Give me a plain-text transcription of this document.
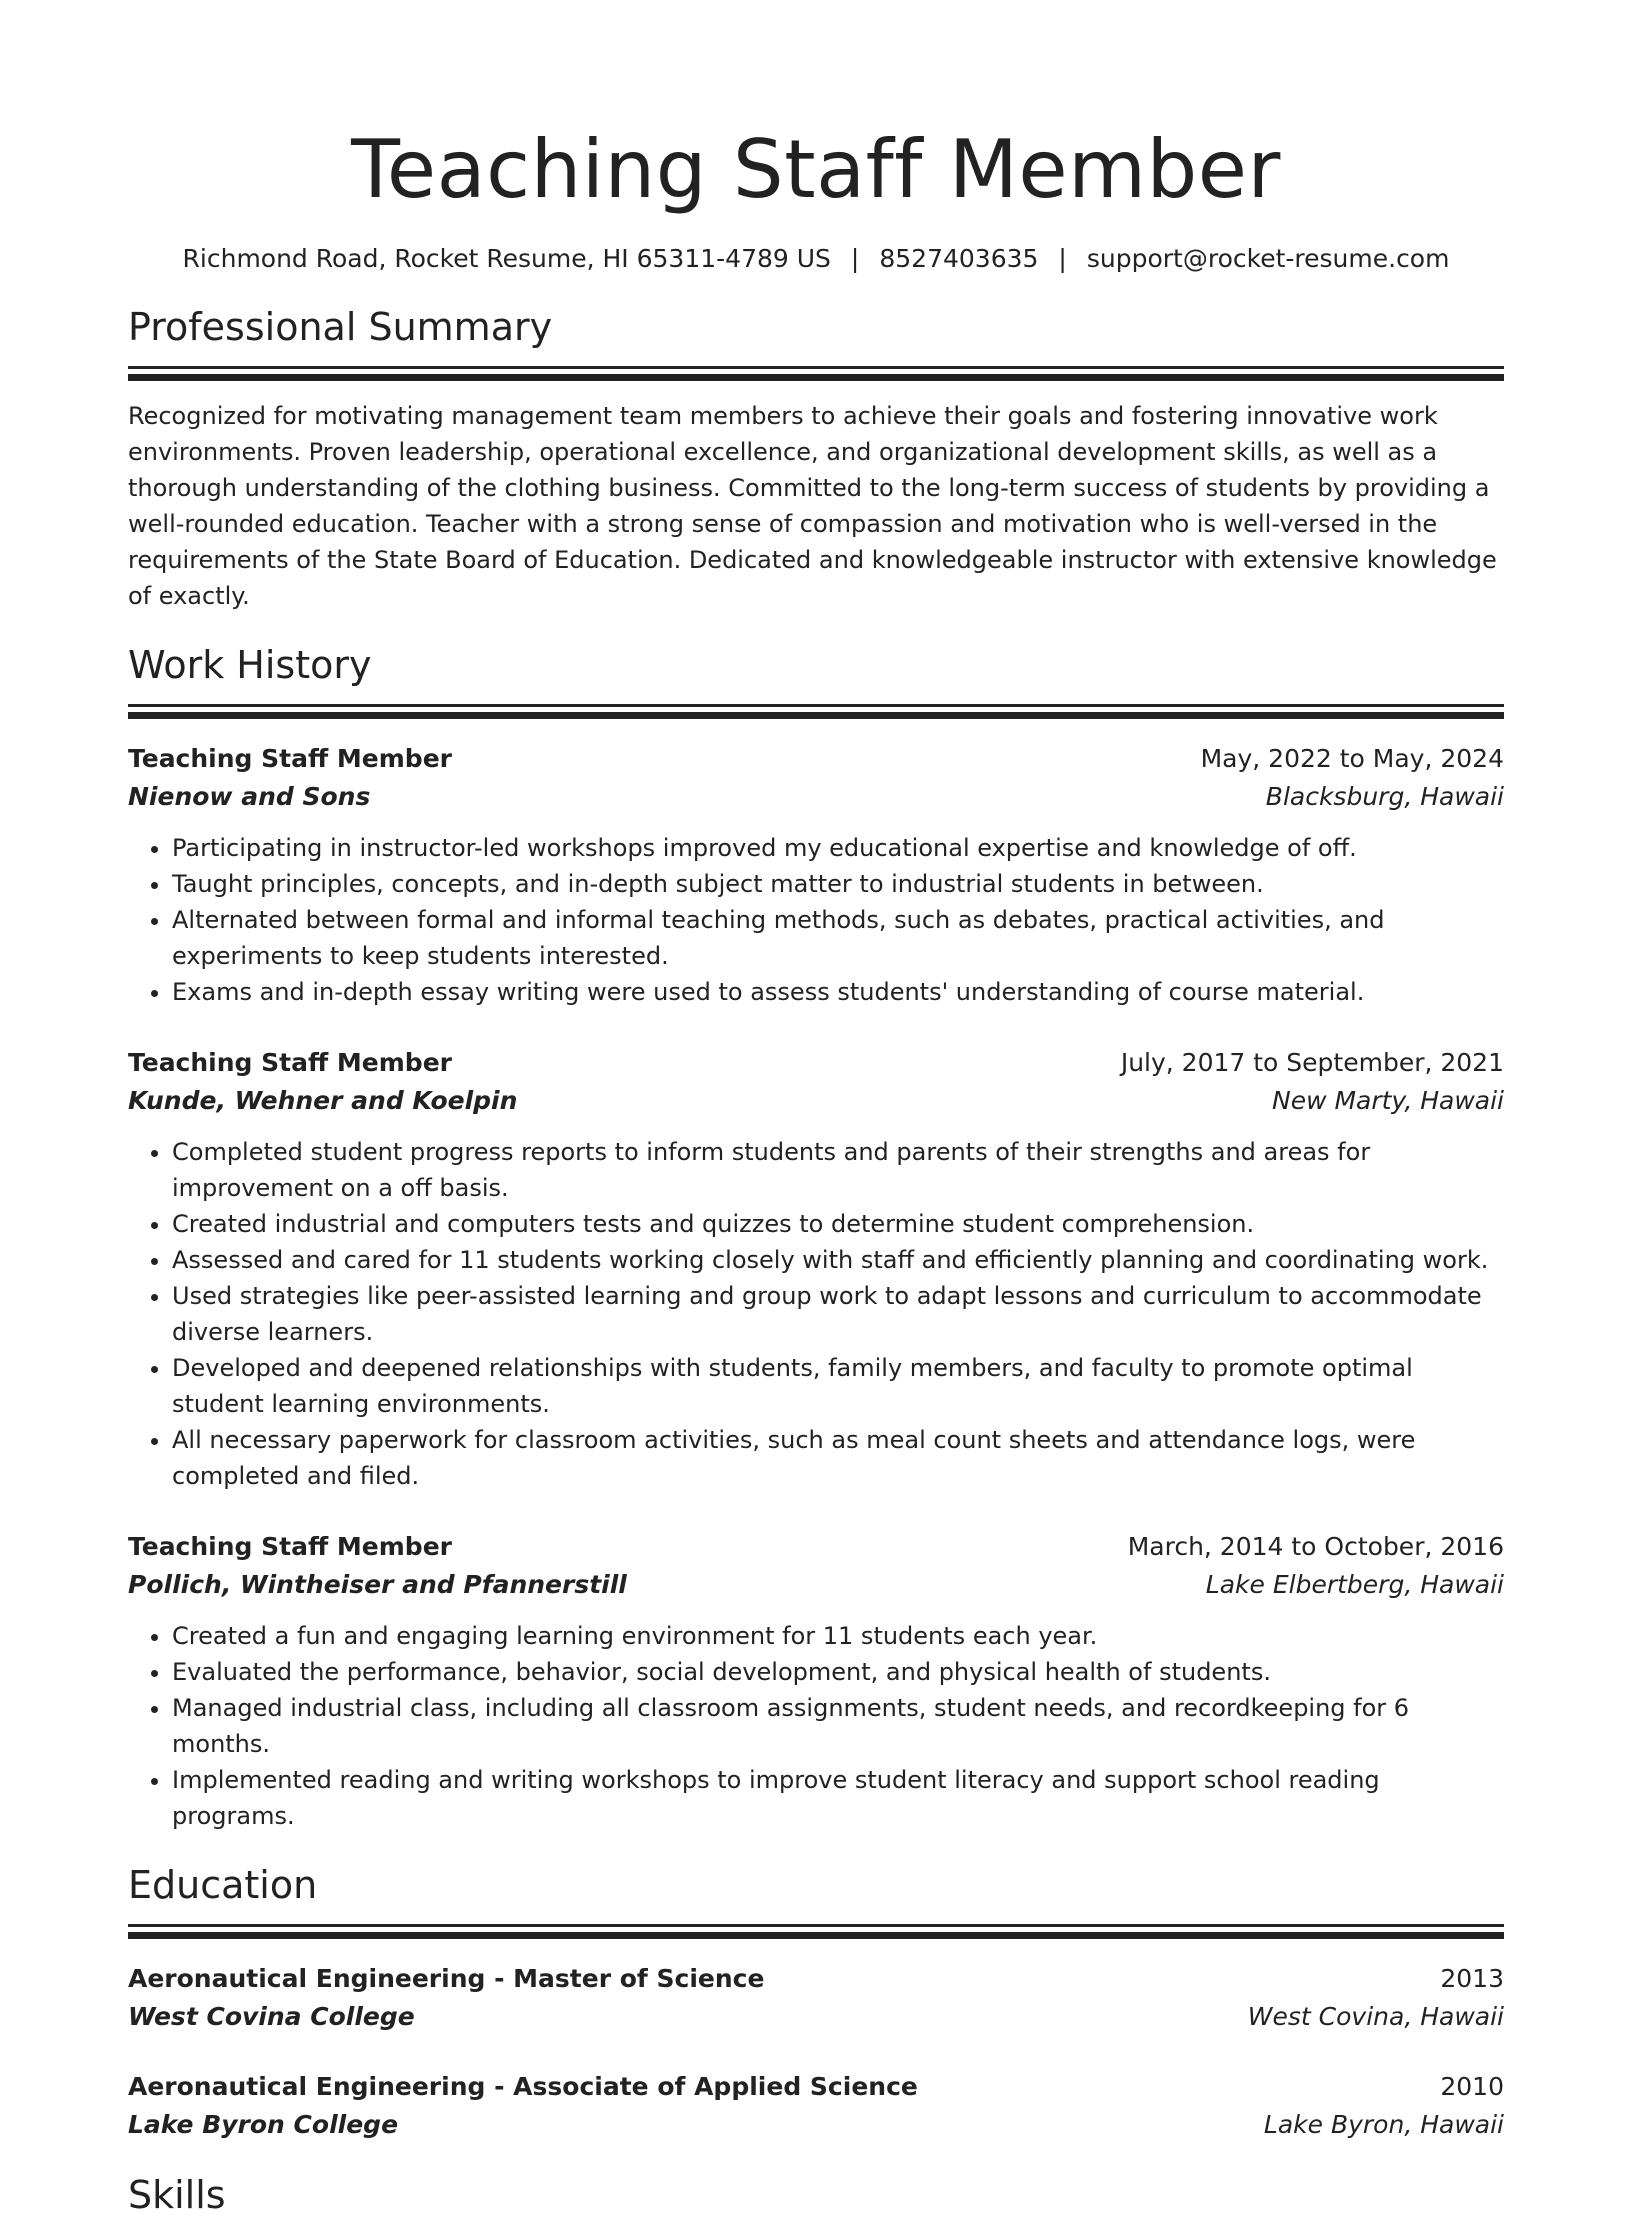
Teaching Staff Member
Richmond Road, Rocket Resume, HI 65311-4789 US | 8527403635 | support@rocket-resume.com
Professional Summary
Recognized for motivating management team members to achieve their goals and fostering innovative work environments. Proven leadership, operational excellence, and organizational development skills, as well as a thorough understanding of the clothing business. Committed to the long-term success of students by providing a well-rounded education. Teacher with a strong sense of compassion and motivation who is well-versed in the requirements of the State Board of Education. Dedicated and knowledgeable instructor with extensive knowledge of exactly.
Work History
Teaching Staff Member	May, 2022 to May, 2024
Nienow and Sons	Blacksburg, Hawaii
• Participating in instructor-led workshops improved my educational expertise and knowledge of off.
• Taught principles, concepts, and in-depth subject matter to industrial students in between.
• Alternated between formal and informal teaching methods, such as debates, practical activities, and experiments to keep students interested.
• Exams and in-depth essay writing were used to assess students' understanding of course material.
Teaching Staff Member	July, 2017 to September, 2021
Kunde, Wehner and Koelpin	New Marty, Hawaii
• Completed student progress reports to inform students and parents of their strengths and areas for improvement on a off basis.
• Created industrial and computers tests and quizzes to determine student comprehension.
• Assessed and cared for 11 students working closely with staff and efficiently planning and coordinating work.
• Used strategies like peer-assisted learning and group work to adapt lessons and curriculum to accommodate diverse learners.
• Developed and deepened relationships with students, family members, and faculty to promote optimal student learning environments.
• All necessary paperwork for classroom activities, such as meal count sheets and attendance logs, were completed and filed.
Teaching Staff Member	March, 2014 to October, 2016
Pollich, Wintheiser and Pfannerstill	Lake Elbertberg, Hawaii
• Created a fun and engaging learning environment for 11 students each year.
• Evaluated the performance, behavior, social development, and physical health of students.
• Managed industrial class, including all classroom assignments, student needs, and recordkeeping for 6 months.
• Implemented reading and writing workshops to improve student literacy and support school reading programs.
Education
Aeronautical Engineering - Master of Science	2013
West Covina College	West Covina, Hawaii
Aeronautical Engineering - Associate of Applied Science	2010
Lake Byron College	Lake Byron, Hawaii
Skills
